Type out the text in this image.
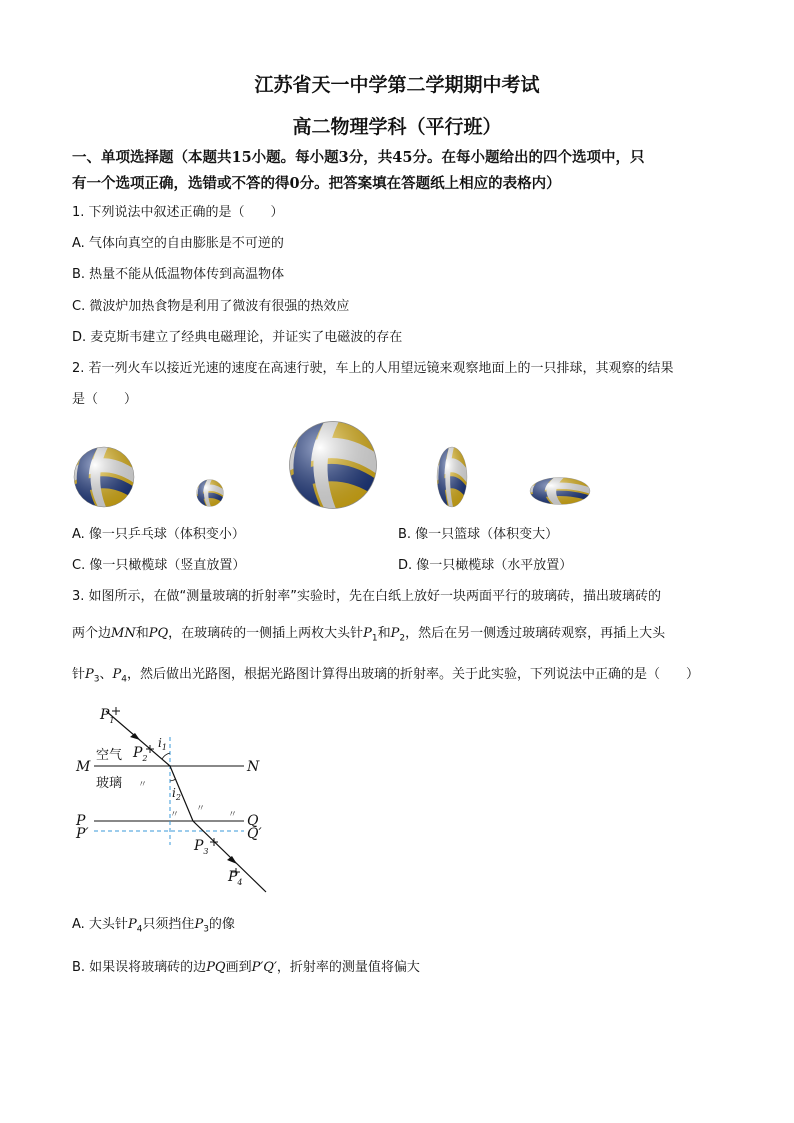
江苏省天一中学第二学期期中考试
高二物理学科（平行班）
一、单项选择题（本题共15小题。每小题3分，共45分。在每小题给出的四个选项中，只
有一个选项正确，选错或不答的得0分。把答案填在答题纸上相应的表格内）
1. 下列说法中叙述正确的是（　　）
A. 气体向真空的自由膨胀是不可逆的
B. 热量不能从低温物体传到高温物体
C. 微波炉加热食物是利用了微波有很强的热效应
D. 麦克斯韦建立了经典电磁理论，并证实了电磁波的存在
2. 若一列火车以接近光速的速度在高速行驶，车上的人用望远镜来观察地面上的一只排球，其观察的结果
是（　　）
A. 像一只乒乓球（体积变小）	B. 像一只篮球（体积变大）
C. 像一只橄榄球（竖直放置）	D. 像一只橄榄球（水平放置）
3. 如图所示，在做“测量玻璃的折射率”实验时，先在白纸上放好一块两面平行的玻璃砖，描出玻璃砖的
两个边MN和PQ，在玻璃砖的一侧插上两枚大头针$P_1$和$P_2$，然后在另一侧透过玻璃砖观察，再插上大头
针$P_3$、$P_4$，然后做出光路图，根据光路图计算得出玻璃的折射率。关于此实验，下列说法中正确的是（　　）
$P_1$
$P_2$
$P_3$
$P_4$
$i_1$
$i_2$
M	N
P	Q
P′	Q′
空气
玻璃 〃
〃
〃
〃
A. 大头针$P_4$只须挡住$P_3$的像
B. 如果误将玻璃砖的边PQ画到P′Q′，折射率的测量值将偏大
